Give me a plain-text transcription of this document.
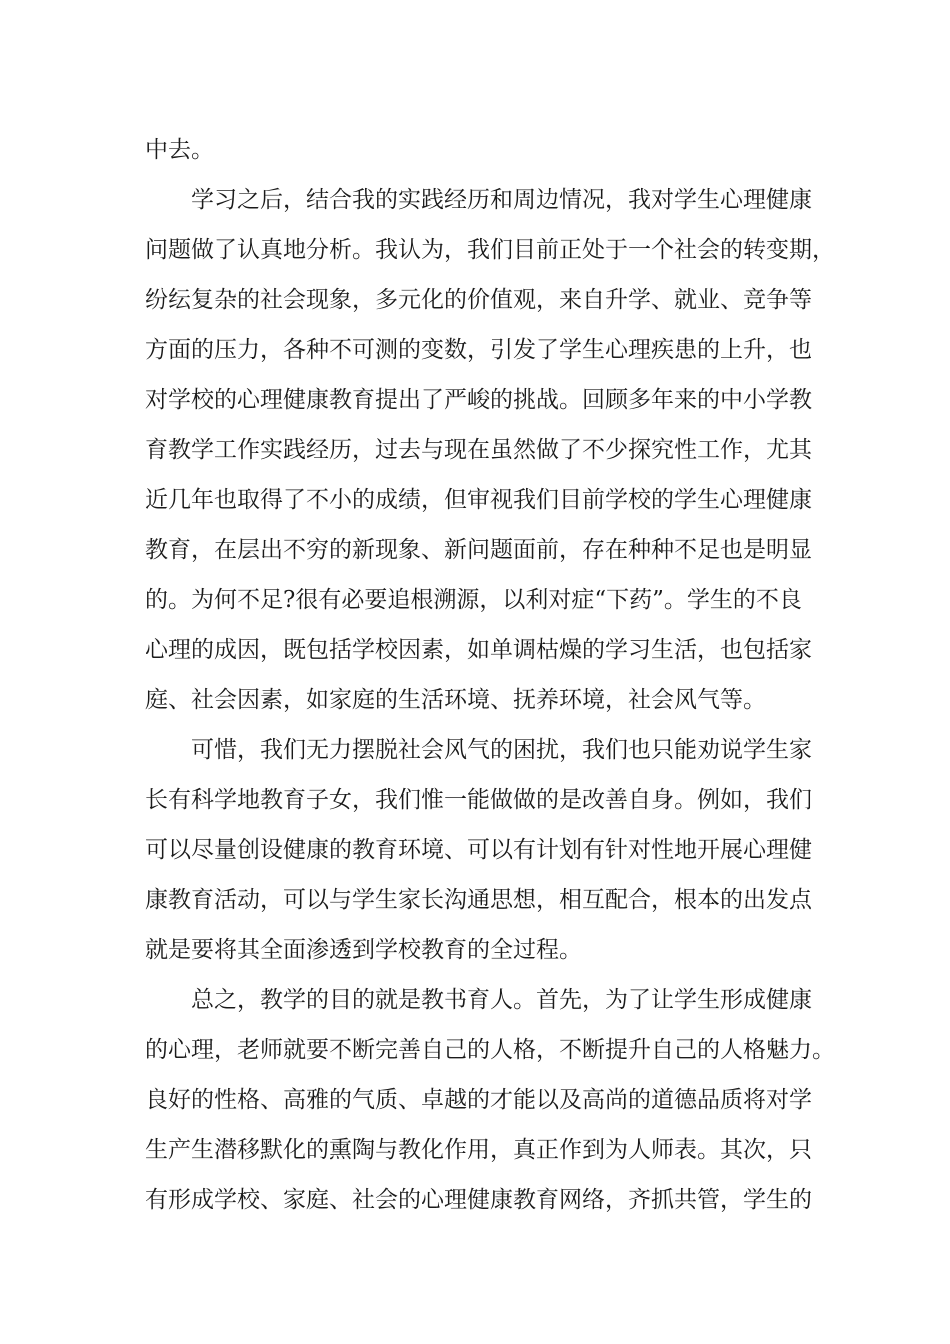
中去。
学习之后，结合我的实践经历和周边情况，我对学生心理健康
问题做了认真地分析。我认为，我们目前正处于一个社会的转变期，
纷纭复杂的社会现象，多元化的价值观，来自升学、就业、竞争等
方面的压力，各种不可测的变数，引发了学生心理疾患的上升，也
对学校的心理健康教育提出了严峻的挑战。回顾多年来的中小学教
育教学工作实践经历，过去与现在虽然做了不少探究性工作，尤其
近几年也取得了不小的成绩，但审视我们目前学校的学生心理健康
教育，在层出不穷的新现象、新问题面前，存在种种不足也是明显
的。为何不足?很有必要追根溯源，以利对症“下药”。学生的不良
心理的成因，既包括学校因素，如单调枯燥的学习生活，也包括家
庭、社会因素，如家庭的生活环境、抚养环境，社会风气等。
可惜，我们无力摆脱社会风气的困扰，我们也只能劝说学生家
长有科学地教育子女，我们惟一能做做的是改善自身。例如，我们
可以尽量创设健康的教育环境、可以有计划有针对性地开展心理健
康教育活动，可以与学生家长沟通思想，相互配合，根本的出发点
就是要将其全面渗透到学校教育的全过程。
总之，教学的目的就是教书育人。首先，为了让学生形成健康
的心理，老师就要不断完善自己的人格，不断提升自己的人格魅力。
良好的性格、高雅的气质、卓越的才能以及高尚的道德品质将对学
生产生潜移默化的熏陶与教化作用，真正作到为人师表。其次，只
有形成学校、家庭、社会的心理健康教育网络，齐抓共管，学生的
